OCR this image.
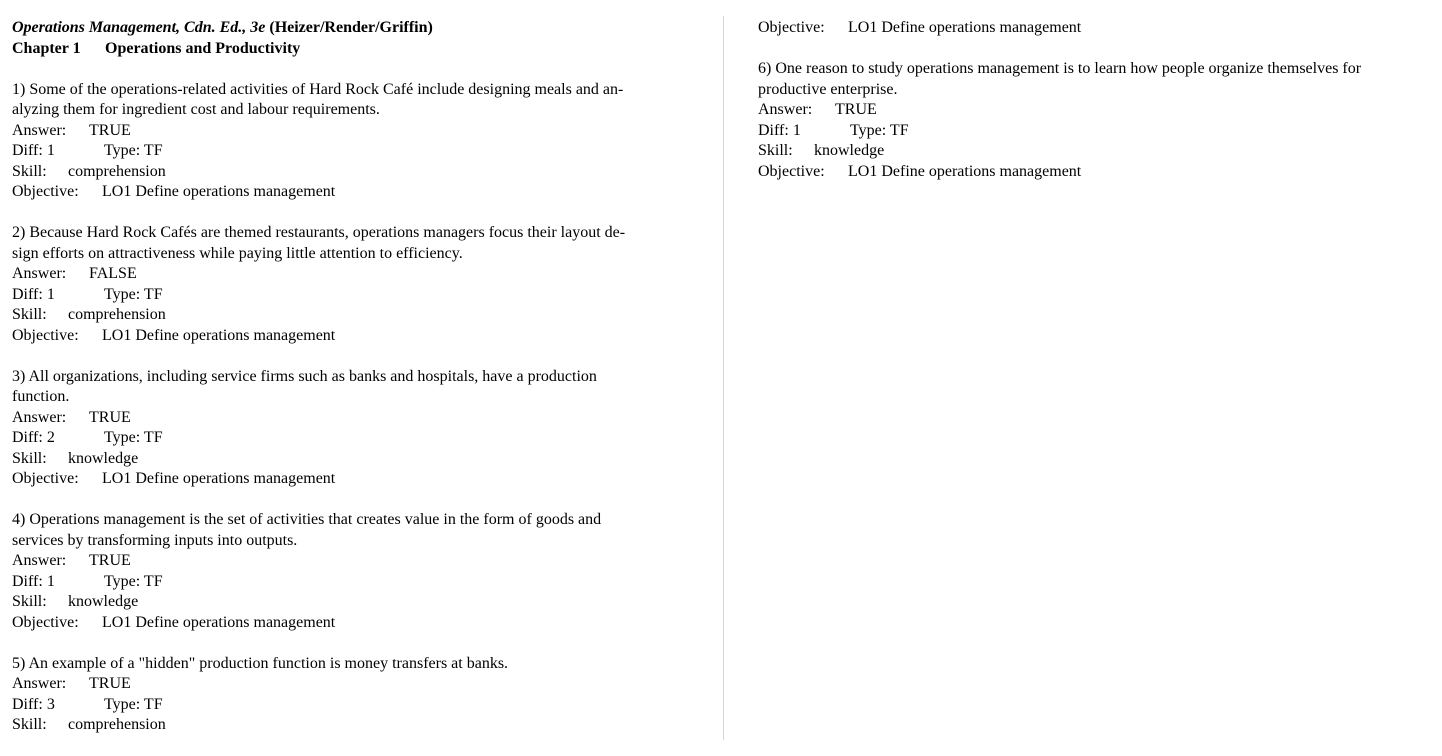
Operations Management, Cdn. Ed., 3e (Heizer/Render/Griffin)
Chapter 1 Operations and Productivity
1) Some of the operations-related activities of Hard Rock Café include designing meals and an-
alyzing them for ingredient cost and labour requirements.
Answer: TRUE
Diff: 1	Type: TF
Skill: comprehension
Objective: LO1 Define operations management
2) Because Hard Rock Cafés are themed restaurants, operations managers focus their layout de-
sign efforts on attractiveness while paying little attention to efficiency.
Answer: FALSE
Diff: 1	Type: TF
Skill: comprehension
Objective: LO1 Define operations management
3) All organizations, including service firms such as banks and hospitals, have a production
function.
Answer: TRUE
Diff: 2	Type: TF
Skill: knowledge
Objective: LO1 Define operations management
4) Operations management is the set of activities that creates value in the form of goods and
services by transforming inputs into outputs.
Answer: TRUE
Diff: 1	Type: TF
Skill: knowledge
Objective: LO1 Define operations management
5) An example of a "hidden" production function is money transfers at banks.
Answer: TRUE
Diff: 3	Type: TF
Skill: comprehension
Objective: LO1 Define operations management
6) One reason to study operations management is to learn how people organize themselves for
productive enterprise.
Answer: TRUE
Diff: 1	Type: TF
Skill: knowledge
Objective: LO1 Define operations management
